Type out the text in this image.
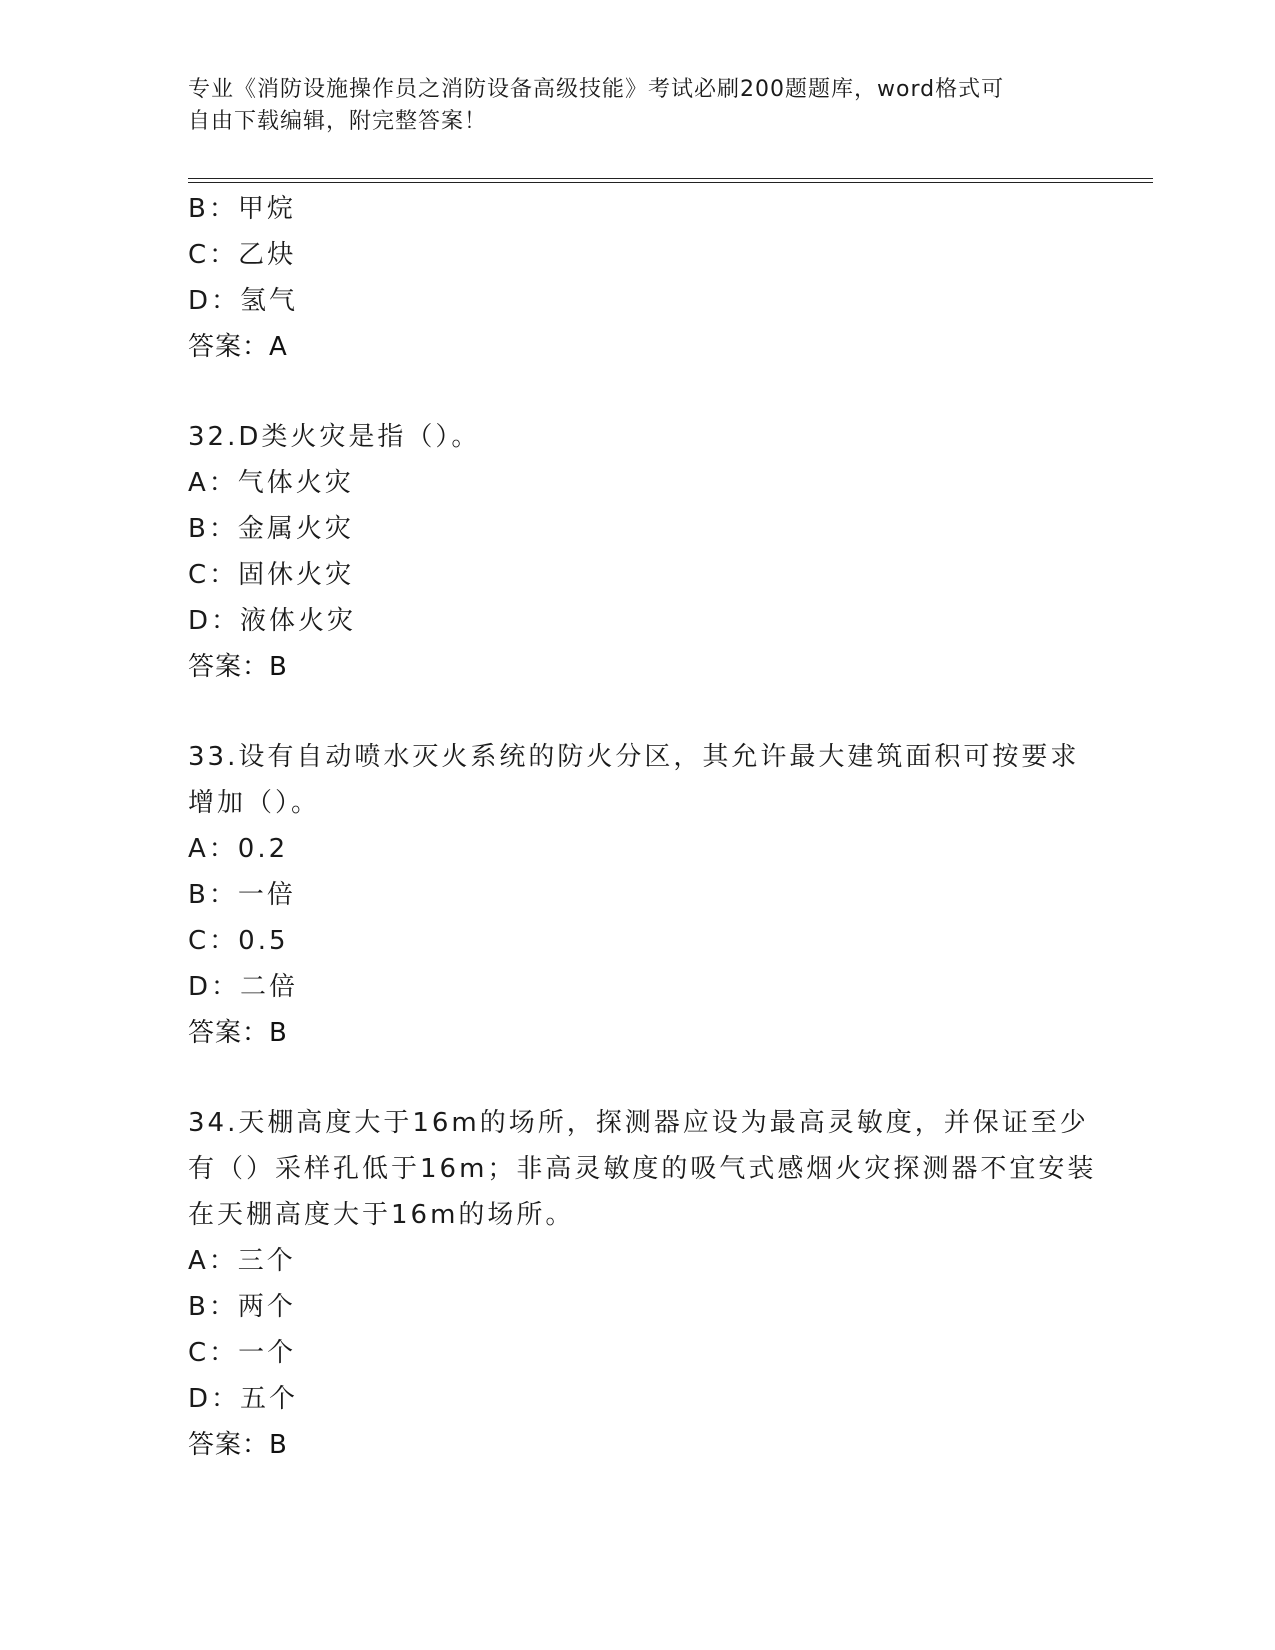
专业《消防设施操作员之消防设备高级技能》考试必刷200题题库，word格式可
自由下载编辑，附完整答案！
B：甲烷
C：乙炔
D：氢气
答案：A
32.D类火灾是指（）。
A：气体火灾
B：金属火灾
C：固休火灾
D：液体火灾
答案：B
33.设有自动喷水灭火系统的防火分区，其允许最大建筑面积可按要求
增加（）。
A：0.2
B：一倍
C：0.5
D：二倍
答案：B
34.天棚高度大于16m的场所，探测器应设为最高灵敏度，并保证至少
有（）采样孔低于16m；非高灵敏度的吸气式感烟火灾探测器不宜安装
在天棚高度大于16m的场所。
A：三个
B：两个
C：一个
D：五个
答案：B
